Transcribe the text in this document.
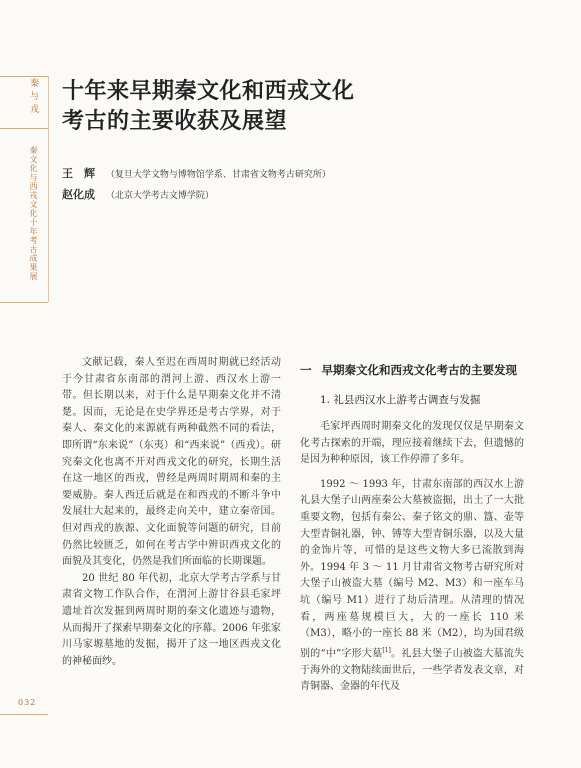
秦与戎
秦文化与西戎文化十年考古成果展
十年来早期秦文化和西戎文化
考古的主要收获及展望
王　辉 （复旦大学文物与博物馆学系、甘肃省文物考古研究所）
赵化成 （北京大学考古文博学院）

文献记载，秦人至迟在西周时期就已经活动于今甘肃省东南部的渭河上游、西汉水上游一带。但长期以来，对于什么是早期秦文化并不清楚。因而，无论是在史学界还是考古学界，对于秦人、秦文化的来源就有两种截然不同的看法，即所谓“东来说”（东夷）和“西来说”（西戎）。研究秦文化也离不开对西戎文化的研究，长期生活在这一地区的西戎，曾经是两周时期周和秦的主要威胁。秦人西迁后就是在和西戎的不断斗争中发展壮大起来的，最终走向关中，建立秦帝国。但对西戎的族源、文化面貌等问题的研究，目前仍然比较匮乏，如何在考古学中辨识西戎文化的面貌及其变化，仍然是我们所面临的长期课题。

20 世纪 80 年代初，北京大学考古学系与甘肃省文物工作队合作，在渭河上游甘谷县毛家坪遗址首次发掘到两周时期的秦文化遗迹与遗物，从而揭开了探索早期秦文化的序幕。2006 年张家川马家塬墓地的发掘，揭开了这一地区西戎文化的神秘面纱。

一 早期秦文化和西戎文化考古的主要发现
1. 礼县西汉水上游考古调查与发掘

毛家坪西周时期秦文化的发现仅仅是早期秦文化考古探索的开端，理应接着继续下去，但遗憾的是因为种种原因，该工作停滞了多年。

1992 ～ 1993 年，甘肃东南部的西汉水上游礼县大堡子山两座秦公大墓被盗掘，出土了一大批重要文物，包括有秦公、秦子铭文的鼎、簋、壶等大型青铜礼器，钟、镈等大型青铜乐器，以及大量的金饰片等，可惜的是这些文物大多已流散到海外。1994 年 3 ～ 11 月甘肃省文物考古研究所对大堡子山被盗大墓（编号 M2、M3）和一座车马坑（编号 M1）进行了劫后清理。从清理的情况看，两座墓规模巨大，大的一座长 110 米（M3），略小的一座长 88 米（M2），均为国君级别的“中”字形大墓[1]。礼县大堡子山被盗大墓流失于海外的文物陆续面世后，一些学者发表文章，对青铜器、金器的年代及

032
